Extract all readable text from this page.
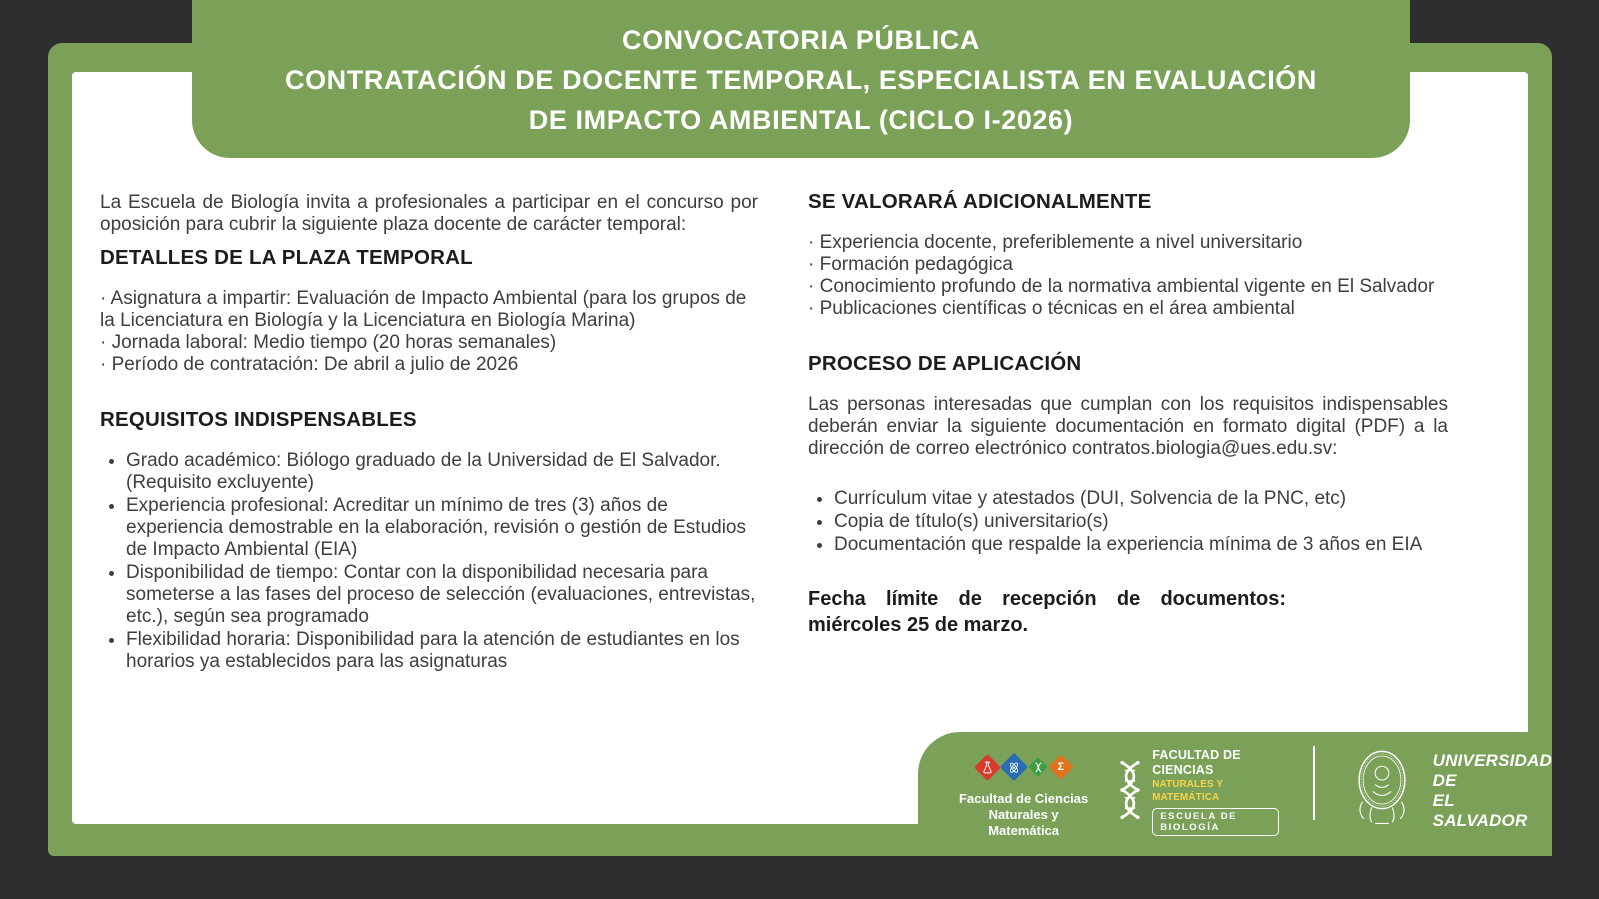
CONVOCATORIA PÚBLICA
CONTRATACIÓN DE DOCENTE TEMPORAL, ESPECIALISTA EN EVALUACIÓN
DE IMPACTO AMBIENTAL (CICLO I-2026)

La Escuela de Biología invita a profesionales a participar en el concurso por oposición para cubrir la siguiente plaza docente de carácter temporal:

DETALLES DE LA PLAZA TEMPORAL
· Asignatura a impartir: Evaluación de Impacto Ambiental (para los grupos de la Licenciatura en Biología y la Licenciatura en Biología Marina)
· Jornada laboral: Medio tiempo (20 horas semanales)
· Período de contratación: De abril a julio de 2026
REQUISITOS INDISPENSABLES
• Grado académico: Biólogo graduado de la Universidad de El Salvador. (Requisito excluyente)
• Experiencia profesional: Acreditar un mínimo de tres (3) años de experiencia demostrable en la elaboración, revisión o gestión de Estudios de Impacto Ambiental (EIA)
• Disponibilidad de tiempo: Contar con la disponibilidad necesaria para someterse a las fases del proceso de selección (evaluaciones, entrevistas, etc.), según sea programado
• Flexibilidad horaria: Disponibilidad para la atención de estudiantes en los horarios ya establecidos para las asignaturas
SE VALORARÁ ADICIONALMENTE
· Experiencia docente, preferiblemente a nivel universitario
· Formación pedagógica
· Conocimiento profundo de la normativa ambiental vigente en El Salvador
· Publicaciones científicas o técnicas en el área ambiental
PROCESO DE APLICACIÓN

Las personas interesadas que cumplan con los requisitos indispensables deberán enviar la siguiente documentación en formato digital (PDF) a la dirección de correo electrónico contratos.biologia@ues.edu.sv:

• Currículum vitae y atestados (DUI, Solvencia de la PNC, etc)
• Copia de título(s) universitario(s)
• Documentación que respalde la experiencia mínima de 3 años en EIA
Fecha límite de recepción de documentos:
miércoles 25 de marzo.
Σ
Facultad de Ciencias
Naturales y Matemática
FACULTAD DE CIENCIAS
NATURALES Y MATEMÁTICA
ESCUELA DE BIOLOGÍA
UNIVERSIDAD DE
EL SALVADOR
